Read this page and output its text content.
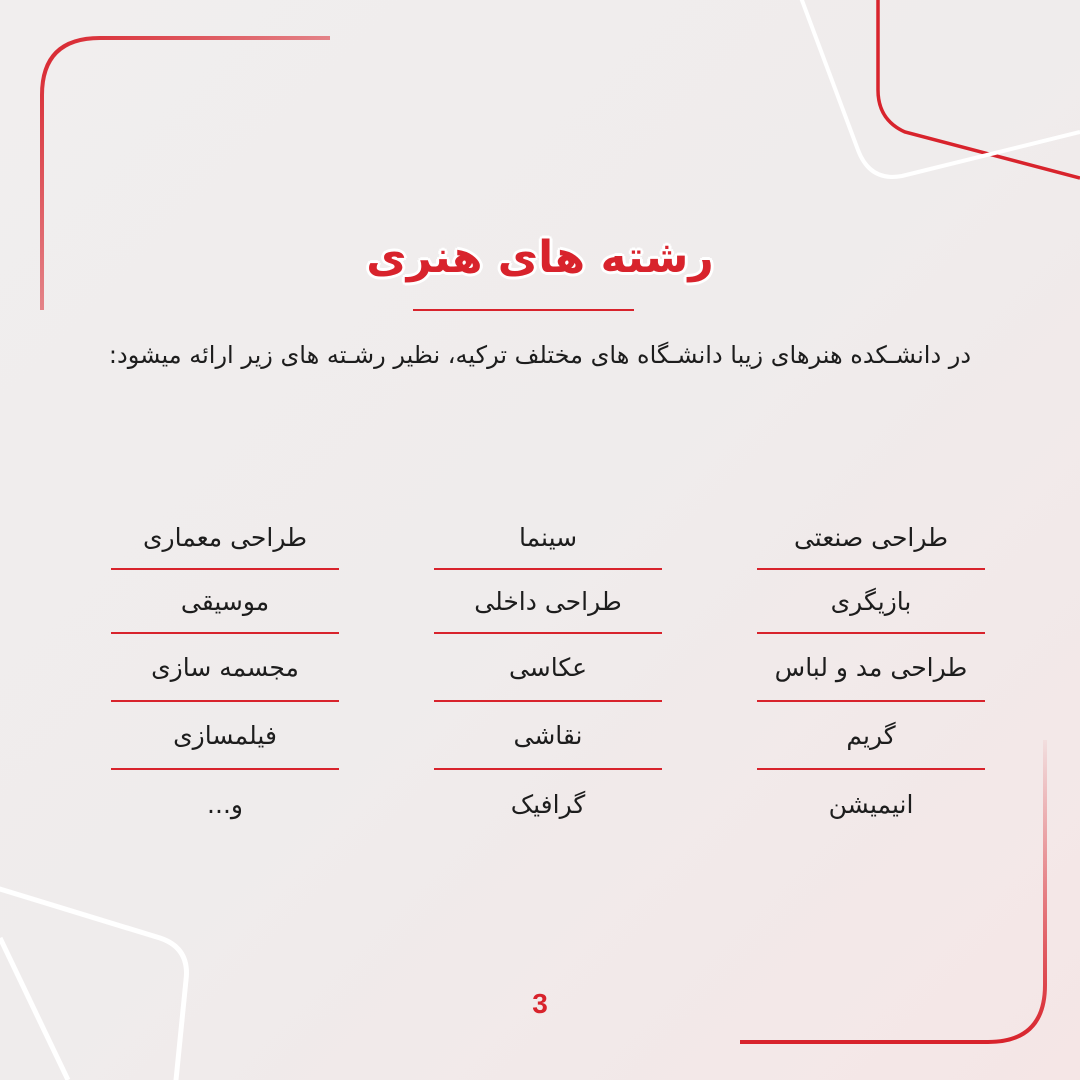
رشته های هنری
در دانشـکده هنرهای زیبا دانشـگاه های مختلف ترکیه، نظیر رشـته های زیر ارائه میشود:
طراحی صنعتی
بازیگری
طراحی مد و لباس
گریم
انیمیشن
سینما
طراحی داخلی
عکاسی
نقاشی
گرافیک
طراحی معماری
موسیقی
مجسمه سازی
فیلمسازی
و...
3
